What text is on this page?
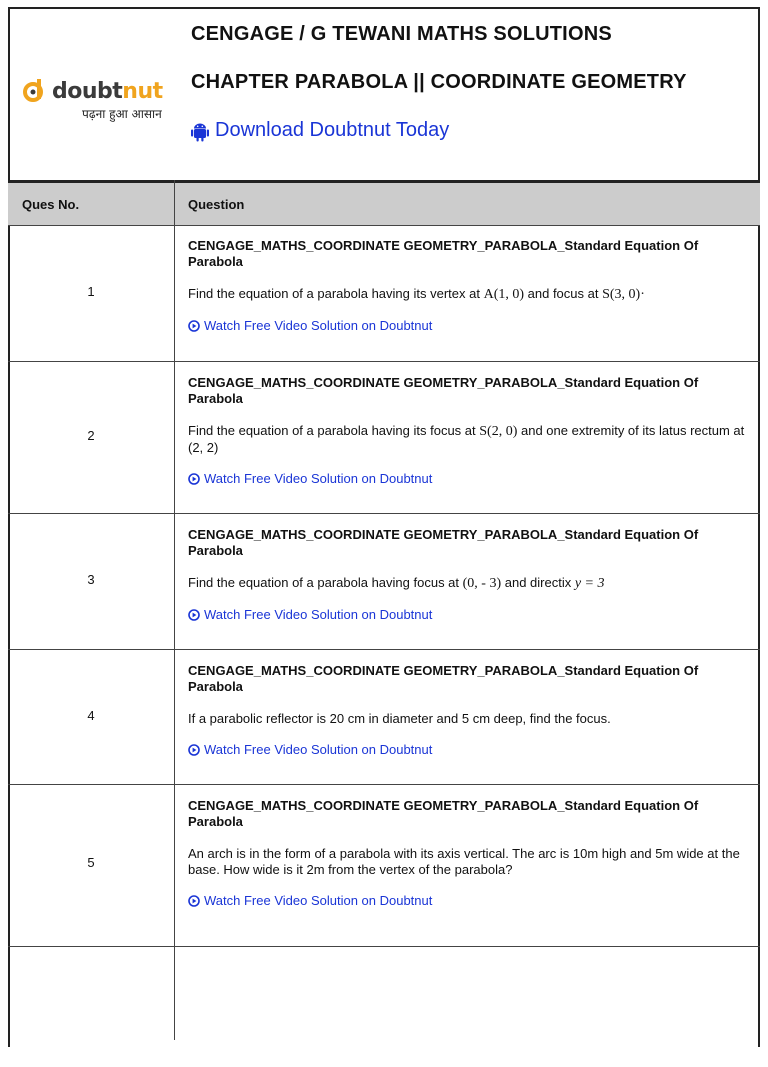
doubtnut
पढ़ना हुआ आसान
CENGAGE / G TEWANI MATHS SOLUTIONS
CHAPTER PARABOLA || COORDINATE GEOMETRY
Download Doubtnut Today
Ques No.	Question
1
CENGAGE_MATHS_COORDINATE GEOMETRY_PARABOLA_Standard Equation Of Parabola
Find the equation of a parabola having its vertex at A(1, 0) and focus at S(3, 0)·
Watch Free Video Solution on Doubtnut
2
CENGAGE_MATHS_COORDINATE GEOMETRY_PARABOLA_Standard Equation Of Parabola
Find the equation of a parabola having its focus at S(2, 0) and one extremity of its latus rectum at (2, 2)
Watch Free Video Solution on Doubtnut
3
CENGAGE_MATHS_COORDINATE GEOMETRY_PARABOLA_Standard Equation Of Parabola
Find the equation of a parabola having focus at (0, - 3) and directix y = 3
Watch Free Video Solution on Doubtnut
4
CENGAGE_MATHS_COORDINATE GEOMETRY_PARABOLA_Standard Equation Of Parabola
If a parabolic reflector is 20 cm in diameter and 5 cm deep, find the focus.
Watch Free Video Solution on Doubtnut
5
CENGAGE_MATHS_COORDINATE GEOMETRY_PARABOLA_Standard Equation Of Parabola
An arch is in the form of a parabola with its axis vertical. The arc is 10m high and 5m wide at the base. How wide is it 2m from the vertex of the parabola?
Watch Free Video Solution on Doubtnut
